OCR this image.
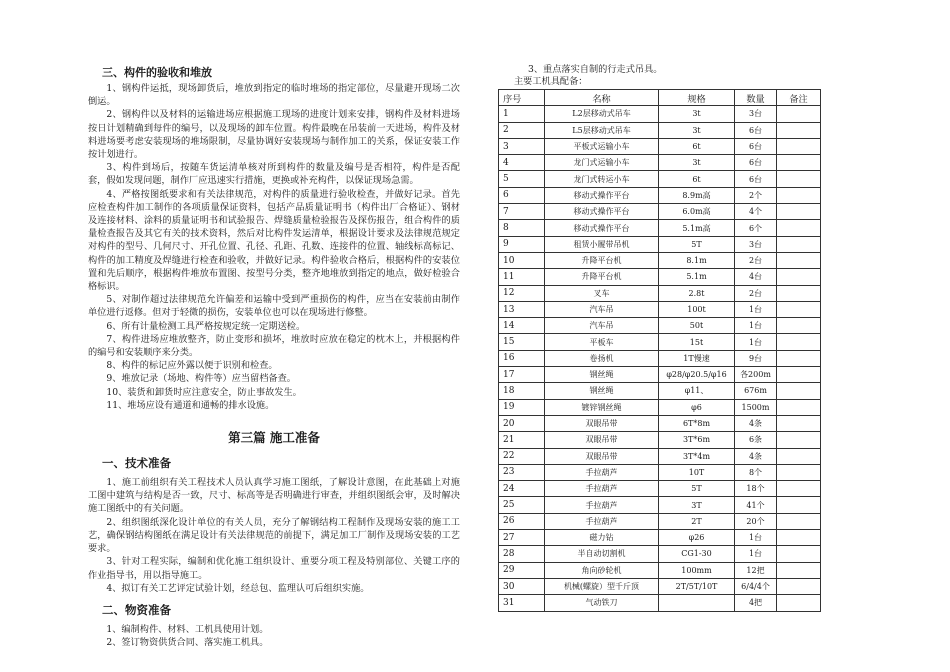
三、构件的验收和堆放

1、钢构件运抵，现场卸货后，堆放到指定的临时堆场的指定部位，尽量避开现场二次倒运。

2、钢构件以及材料的运输进场应根据施工现场的进度计划来安排，钢构件及材料进场按日计划精确到每件的编号，以及现场的卸车位置。构件最晚在吊装前一天进场，构件及材料进场要考虑安装现场的堆场限制，尽量协调好安装现场与制作加工的关系，保证安装工作按计划进行。

3、构件到场后，按随车货运清单核对所到构件的数量及编号是否相符，构件是否配套，假如发现问题，制作厂应迅速实行措施，更换或补充构件，以保证现场急需。

4、严格按图纸要求和有关法律规范，对构件的质量进行验收检查，并做好记录。首先应检查构件加工制作的各项质量保证资料，包括产品质量证明书（构件出厂合格证）、钢材及连接材料、涂料的质量证明书和试验报告、焊缝质量检验报告及探伤报告，组合构件的质量检查报告及其它有关的技术资料，然后对比构件发运清单，根据设计要求及法律规范规定对构件的型号、几何尺寸、开孔位置、孔径、孔距、孔数、连接件的位置、轴线标高标记、构件的加工精度及焊缝进行检查和验收，并做好记录。构件验收合格后，根据构件的安装位置和先后顺序，根据构件堆放布置图、按型号分类，整齐地堆放到指定的地点，做好检验合格标识。

5、对制作超过法律规范允许偏差和运输中受到严重损伤的构件，应当在安装前由制作单位进行返修。但对于轻微的损伤，安装单位也可以在现场进行修整。

6、所有计量检测工具严格按规定统一定期送检。

7、构件进场应堆放整齐，防止变形和损坏，堆放时应放在稳定的枕木上，并根据构件的编号和安装顺序来分类。

8、构件的标记应外露以便于识别和检查。

9、堆放记录（场地、构件等）应当留档备查。

10、装货和卸货时应注意安全，防止事故发生。

11、堆场应设有通道和通畅的排水设施。

第三篇 施工准备
一、技术准备

1、施工前组织有关工程技术人员认真学习施工图纸，了解设计意图，在此基础上对施工图中建筑与结构是否一致，尺寸、标高等是否明确进行审查，并组织图纸会审，及时解决施工图纸中的有关问题。

2、组织图纸深化设计单位的有关人员，充分了解钢结构工程制作及现场安装的施工工艺，确保钢结构图纸在满足设计有关法律规范的前提下，满足加工厂制作及现场安装的工艺要求。

3、针对工程实际，编制和优化施工组织设计、重要分项工程及特别部位、关键工序的作业指导书，用以指导施工。

4、拟订有关工艺评定试验计划，经总包、监理认可后组织实施。

二、物资准备

1、编制构件、材料、工机具使用计划。

2、签订物资供货合同、落实施工机具。

3、重点落实自制的行走式吊具。

主要工机具配备：

序号	名称	规格	数量	备注
1	L2层移动式吊车	3t	3台	
2	L5层移动式吊车	3t	6台	
3	平板式运输小车	6t	6台	
4	龙门式运输小车	3t	6台	
5	龙门式转运小车	6t	6台	
6	移动式操作平台	8.9m高	2个	
7	移动式操作平台	6.0m高	4个	
8	移动式操作平台	5.1m高	6个	
9	租赁小履带吊机	5T	3台	
10	升降平台机	8.1m	2台	
11	升降平台机	5.1m	4台	
12	叉车	2.8t	2台	
13	汽车吊	100t	1台	
14	汽车吊	50t	1台	
15	平板车	15t	1台	
16	卷扬机	1T慢速	9台	
17	钢丝绳	φ28/φ20.5/φ16	各200m	
18	钢丝绳	φ11、	676m	
19	镀锌钢丝绳	φ6	1500m	
20	双眼吊带	6T*8m	4条	
21	双眼吊带	3T*6m	6条	
22	双眼吊带	3T*4m	4条	
23	手拉葫芦	10T	8个	
24	手拉葫芦	5T	18个	
25	手拉葫芦	3T	41个	
26	手拉葫芦	2T	20个	
27	磁力钻	φ26	1台	
28	半自动切割机	CG1-30	1台	
29	角向砂轮机	100mm	12把	
30	机械(螺旋）型千斤顶	2T/5T/10T	6/4/4个	
31	气动铁刀		4把	
